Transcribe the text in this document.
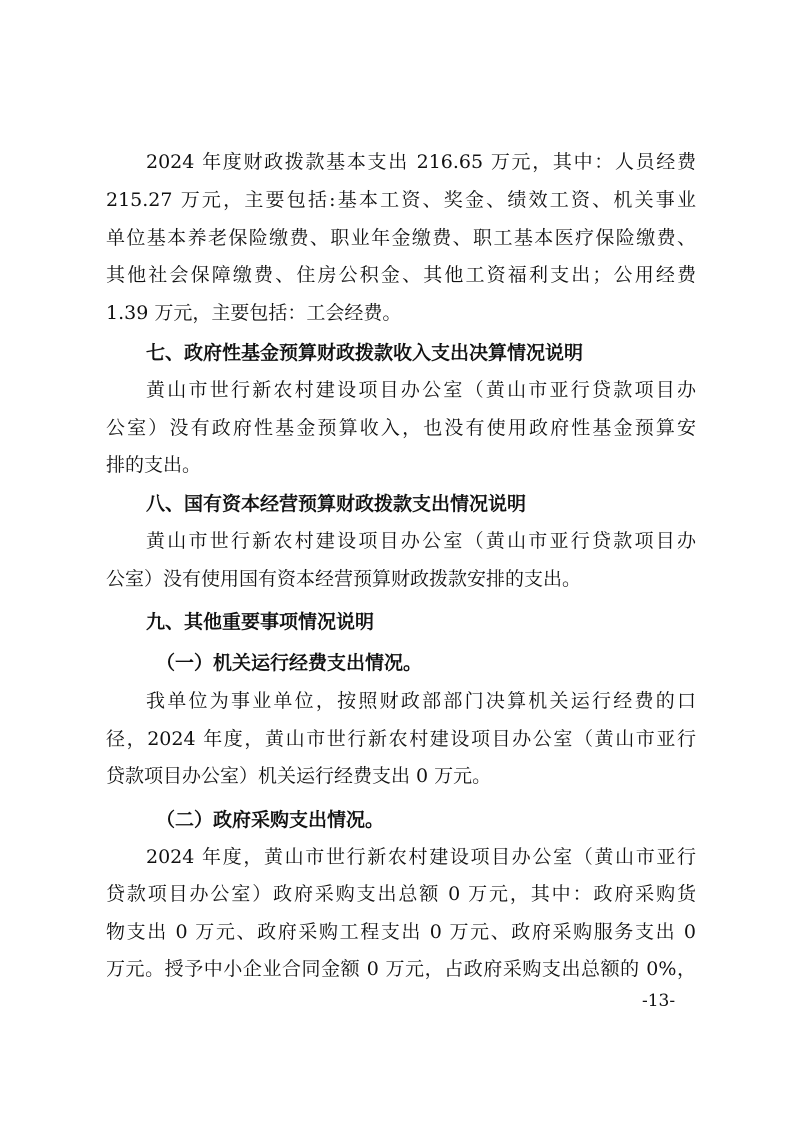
2024 年度财政拨款基本支出 216.65 万元，其中：人员经费
215.27 万元，主要包括:基本工资、奖金、绩效工资、机关事业
单位基本养老保险缴费、职业年金缴费、职工基本医疗保险缴费、
其他社会保障缴费、住房公积金、其他工资福利支出；公用经费
1.39 万元，主要包括：工会经费。
七、政府性基金预算财政拨款收入支出决算情况说明
黄山市世行新农村建设项目办公室（黄山市亚行贷款项目办
公室）没有政府性基金预算收入，也没有使用政府性基金预算安
排的支出。
八、国有资本经营预算财政拨款支出情况说明
黄山市世行新农村建设项目办公室（黄山市亚行贷款项目办
公室）没有使用国有资本经营预算财政拨款安排的支出。
九、其他重要事项情况说明
（一）机关运行经费支出情况。
我单位为事业单位，按照财政部部门决算机关运行经费的口
径，2024 年度，黄山市世行新农村建设项目办公室（黄山市亚行
贷款项目办公室）机关运行经费支出 0 万元。
（二）政府采购支出情况。
2024 年度，黄山市世行新农村建设项目办公室（黄山市亚行
贷款项目办公室）政府采购支出总额 0 万元，其中：政府采购货
物支出 0 万元、政府采购工程支出 0 万元、政府采购服务支出 0
万元。授予中小企业合同金额 0 万元，占政府采购支出总额的 0%，
-13-
